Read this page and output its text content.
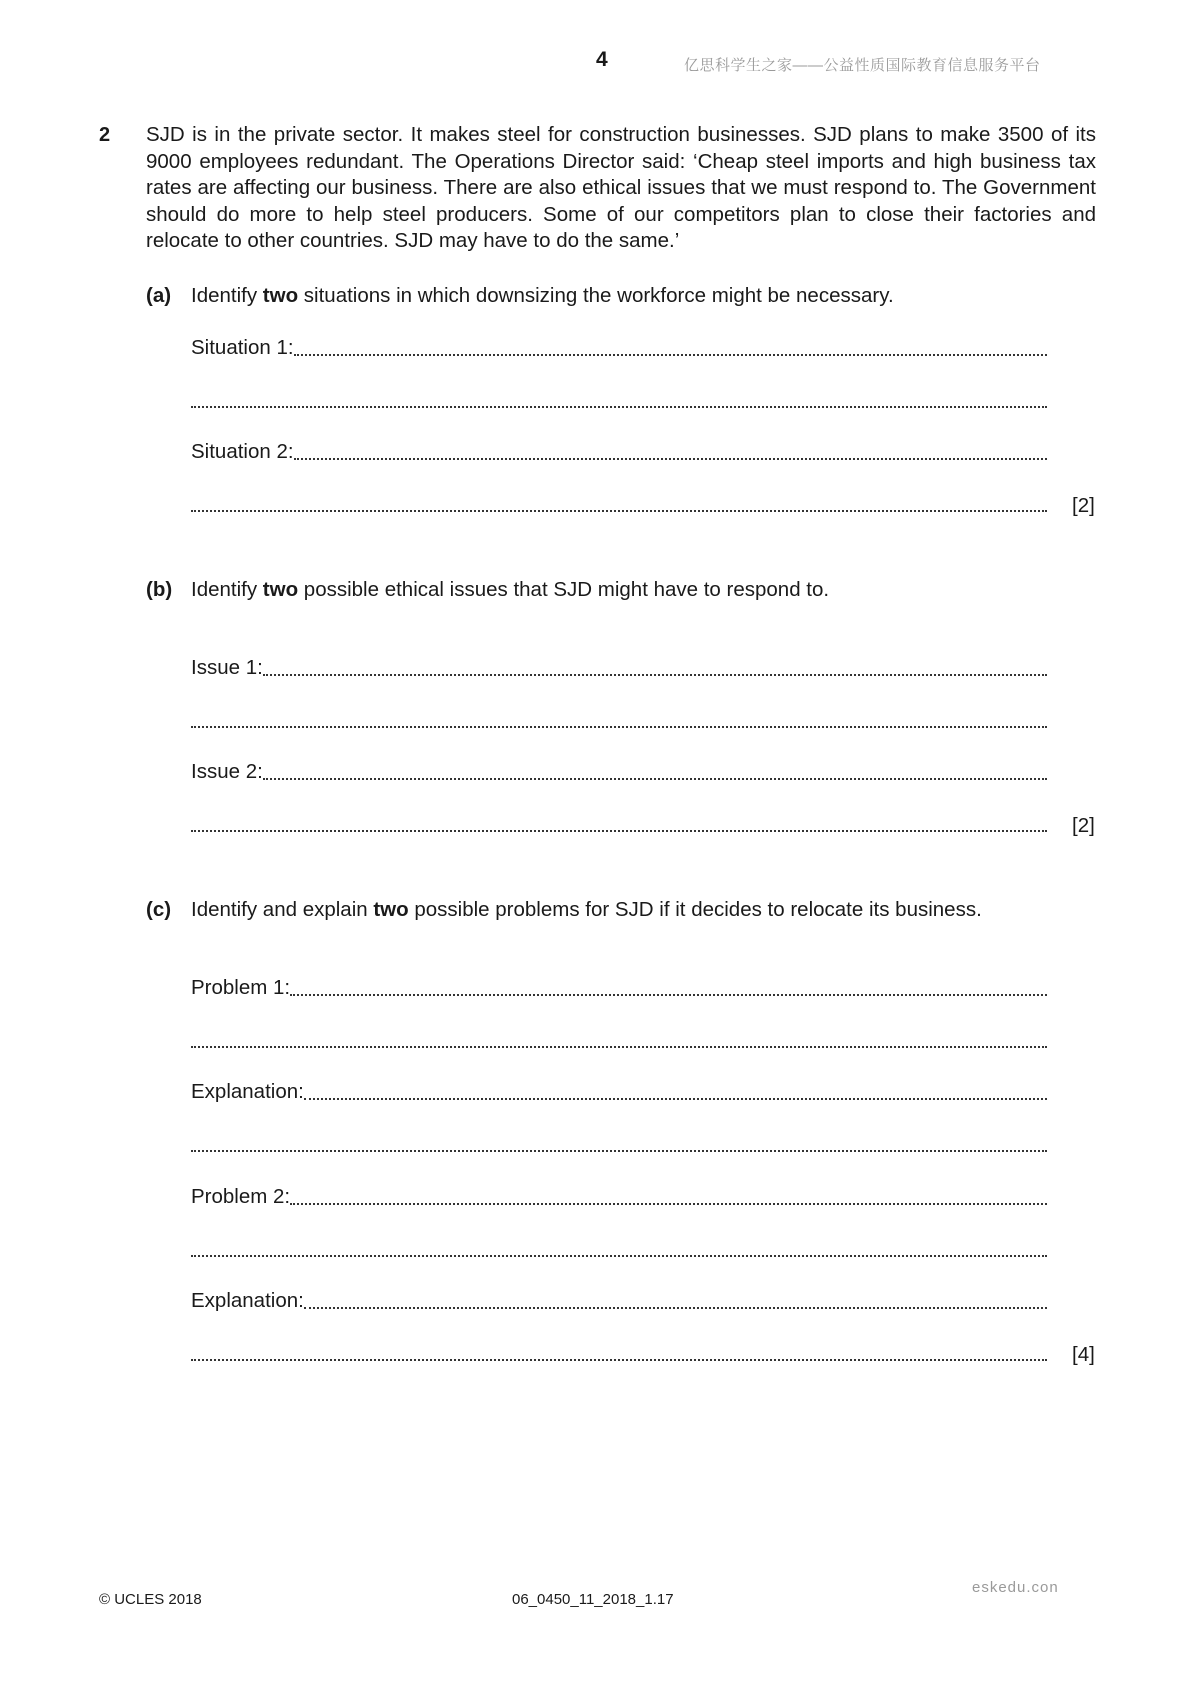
4	亿思科学生之家——公益性质国际教育信息服务平台
2 SJD is in the private sector. It makes steel for construction businesses. SJD plans to make 3500 of its 9000 employees redundant. The Operations Director said: ‘Cheap steel imports and high business tax rates are affecting our business. There are also ethical issues that we must respond to. The Government should do more to help steel producers. Some of our competitors plan to close their factories and relocate to other countries. SJD may have to do the same.’
(a) Identify two situations in which downsizing the workforce might be necessary.
Situation 1:
Situation 2:
[2]
(b) Identify two possible ethical issues that SJD might have to respond to.
Issue 1:
Issue 2:
[2]
(c) Identify and explain two possible problems for SJD if it decides to relocate its business.
Problem 1:
Explanation:
Problem 2:
Explanation:
[4]
© UCLES 2018	06_0450_11_2018_1.17
eskedu.con
